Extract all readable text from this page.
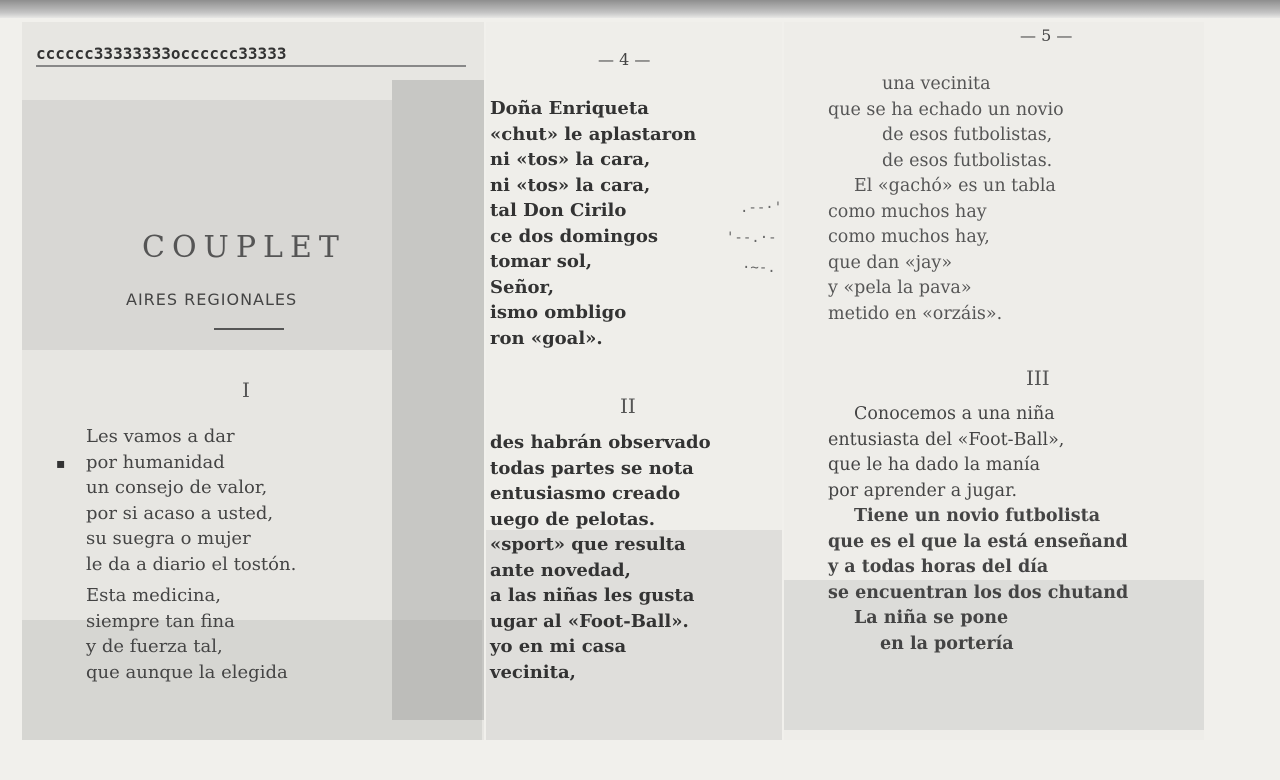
cccccc33333333occcccc33333	— 4 —
— 5 —
COUPLET
AIRES REGIONALES
I
II
III
▪
Les vamos a dar
por humanidad
un consejo de valor,
por si acaso a usted,
su suegra o mujer
le da a diario el tostón.
Esta medicina,
siempre tan fina
y de fuerza tal,
que aunque la elegida
Doña Enriqueta
«chut» le aplastaron
ni «tos» la cara,
ni «tos» la cara,
tal Don Cirilo
ce dos domingos
tomar sol,
Señor,
ismo ombligo
ron «goal».
des habrán observado
todas partes se nota
entusiasmo creado
uego de pelotas.
«sport» que resulta
ante novedad,
a las niñas les gusta
ugar al «Foot-Ball».
yo en mi casa
vecinita,
.--·'
'--.·-
·~-.
una vecinita
que se ha echado un novio
de esos futbolistas,
de esos futbolistas.
El «gachó» es un tabla
como muchos hay
como muchos hay,
que dan «jay»
y «pela la pava»
metido en «orzáis».
Conocemos a una niña
entusiasta del «Foot-Ball»,
que le ha dado la manía
por aprender a jugar.
Tiene un novio futbolista
que es el que la está enseñand
y a todas horas del día
se encuentran los dos chutand
La niña se pone
en la portería
